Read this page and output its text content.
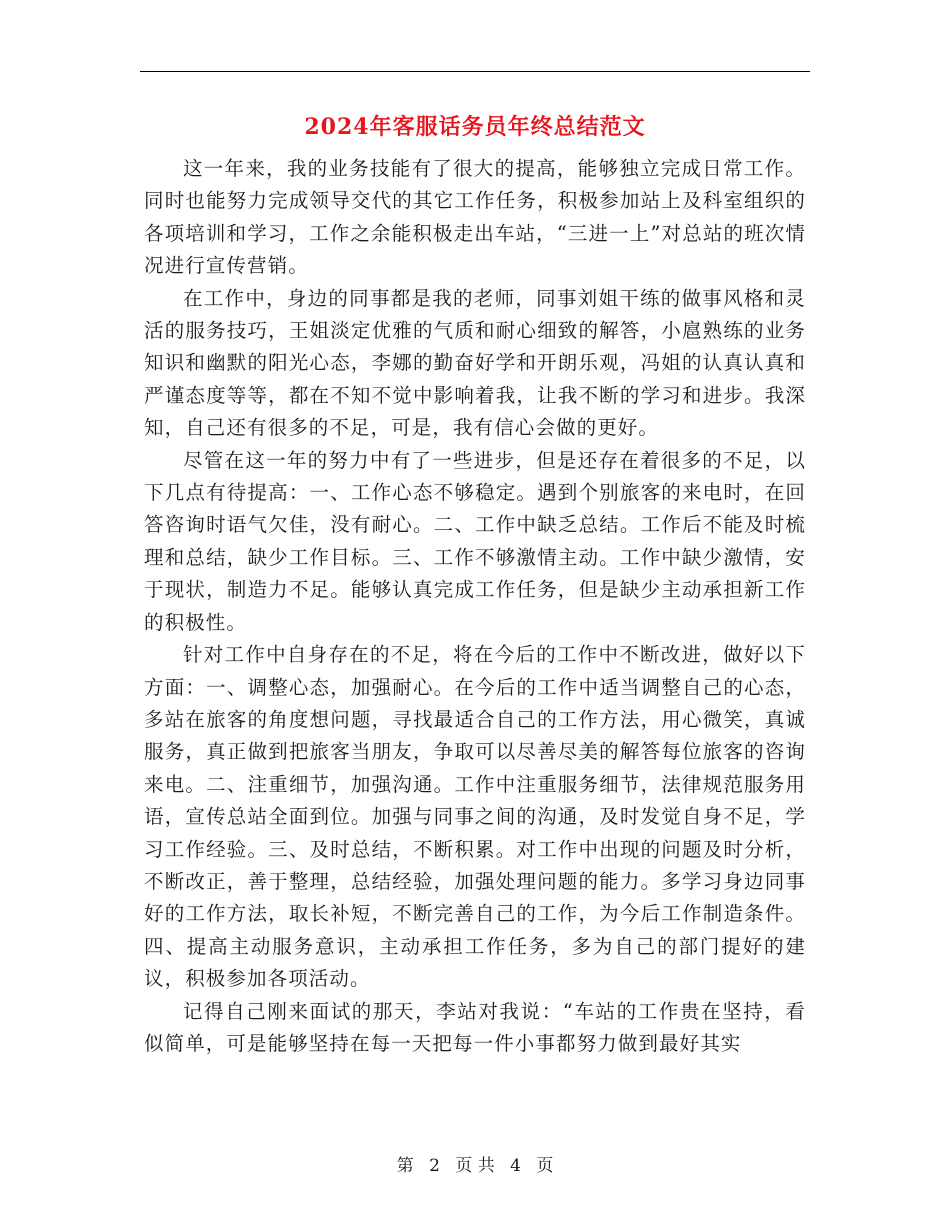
2024年客服话务员年终总结范文

这一年来，我的业务技能有了很大的提高，能够独立完成日常工作。同时也能努力完成领导交代的其它工作任务，积极参加站上及科室组织的各项培训和学习，工作之余能积极走出车站，“三进一上”对总站的班次情况进行宣传营销。

在工作中，身边的同事都是我的老师，同事刘姐干练的做事风格和灵活的服务技巧，王姐淡定优雅的气质和耐心细致的解答，小扈熟练的业务知识和幽默的阳光心态，李娜的勤奋好学和开朗乐观，冯姐的认真认真和严谨态度等等，都在不知不觉中影响着我，让我不断的学习和进步。我深知，自己还有很多的不足，可是，我有信心会做的更好。

尽管在这一年的努力中有了一些进步，但是还存在着很多的不足，以下几点有待提高：一、工作心态不够稳定。遇到个别旅客的来电时，在回答咨询时语气欠佳，没有耐心。二、工作中缺乏总结。工作后不能及时梳理和总结，缺少工作目标。三、工作不够激情主动。工作中缺少激情，安于现状，制造力不足。能够认真完成工作任务，但是缺少主动承担新工作的积极性。

针对工作中自身存在的不足，将在今后的工作中不断改进，做好以下方面：一、调整心态，加强耐心。在今后的工作中适当调整自己的心态，多站在旅客的角度想问题，寻找最适合自己的工作方法，用心微笑，真诚服务，真正做到把旅客当朋友，争取可以尽善尽美的解答每位旅客的咨询来电。二、注重细节，加强沟通。工作中注重服务细节，法律规范服务用语，宣传总站全面到位。加强与同事之间的沟通，及时发觉自身不足，学习工作经验。三、及时总结，不断积累。对工作中出现的问题及时分析，不断改正，善于整理，总结经验，加强处理问题的能力。多学习身边同事好的工作方法，取长补短，不断完善自己的工作，为今后工作制造条件。四、提高主动服务意识，主动承担工作任务，多为自己的部门提好的建议，积极参加各项活动。

记得自己刚来面试的那天，李站对我说：“车站的工作贵在坚持，看似简单，可是能够坚持在每一天把每一件小事都努力做到最好其实

第 2 页 共 4 页
